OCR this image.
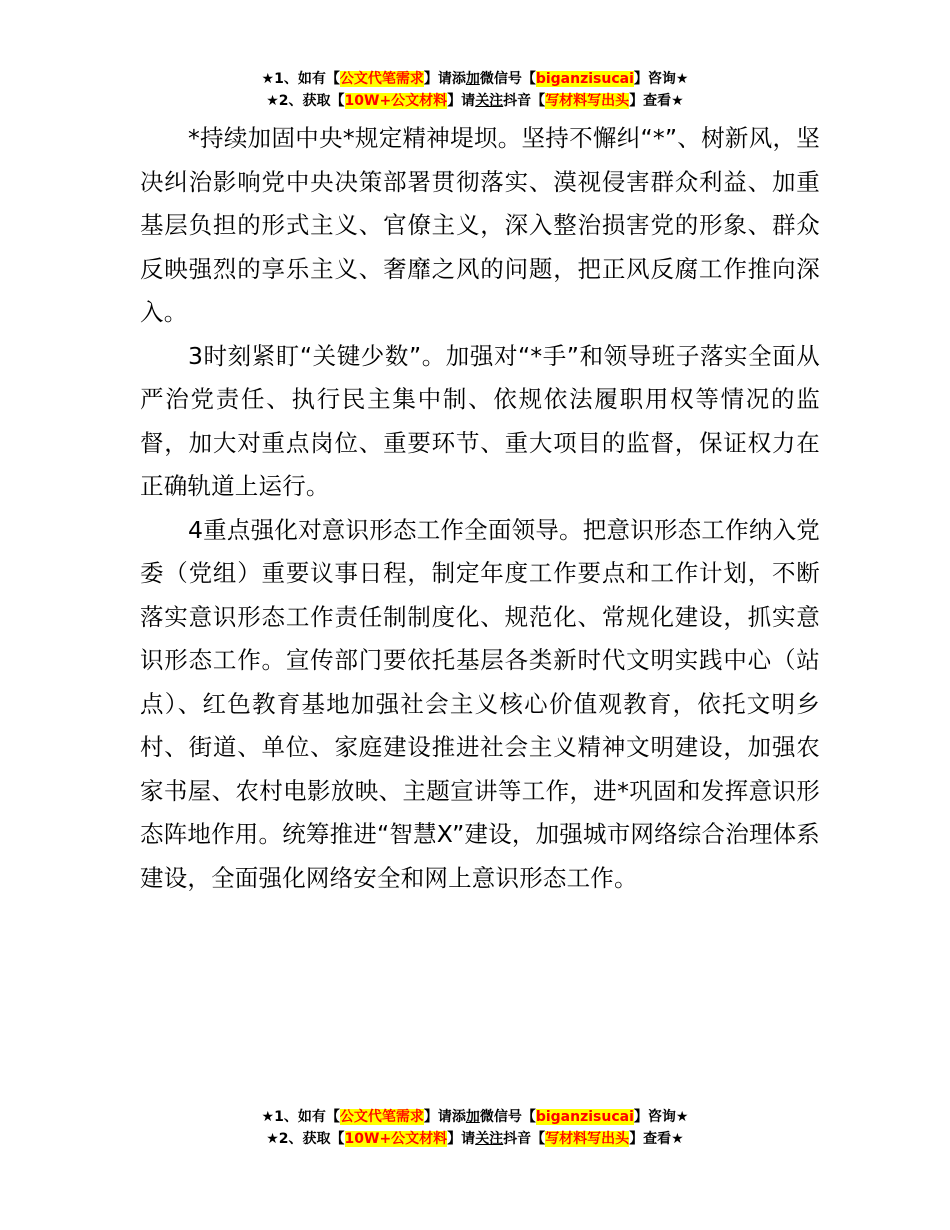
★1、如有【公文代笔需求】请添加微信号【biganzisucai】咨询★
★2、获取【10W+公文材料】请关注抖音【写材料写出头】查看★

*持续加固中央*规定精神堤坝。坚持不懈纠“*”、树新风，坚决纠治影响党中央决策部署贯彻落实、漠视侵害群众利益、加重基层负担的形式主义、官僚主义，深入整治损害党的形象、群众反映强烈的享乐主义、奢靡之风的问题，把正风反腐工作推向深入。

3时刻紧盯“关键少数”。加强对“*手”和领导班子落实全面从严治党责任、执行民主集中制、依规依法履职用权等情况的监督，加大对重点岗位、重要环节、重大项目的监督，保证权力在正确轨道上运行。

4重点强化对意识形态工作全面领导。把意识形态工作纳入党委（党组）重要议事日程，制定年度工作要点和工作计划，不断落实意识形态工作责任制制度化、规范化、常规化建设，抓实意识形态工作。宣传部门要依托基层各类新时代文明实践中心（站点）、红色教育基地加强社会主义核心价值观教育，依托文明乡村、街道、单位、家庭建设推进社会主义精神文明建设，加强农家书屋、农村电影放映、主题宣讲等工作，进*巩固和发挥意识形态阵地作用。统筹推进“智慧X”建设，加强城市网络综合治理体系建设，全面强化网络安全和网上意识形态工作。

★1、如有【公文代笔需求】请添加微信号【biganzisucai】咨询★
★2、获取【10W+公文材料】请关注抖音【写材料写出头】查看★
